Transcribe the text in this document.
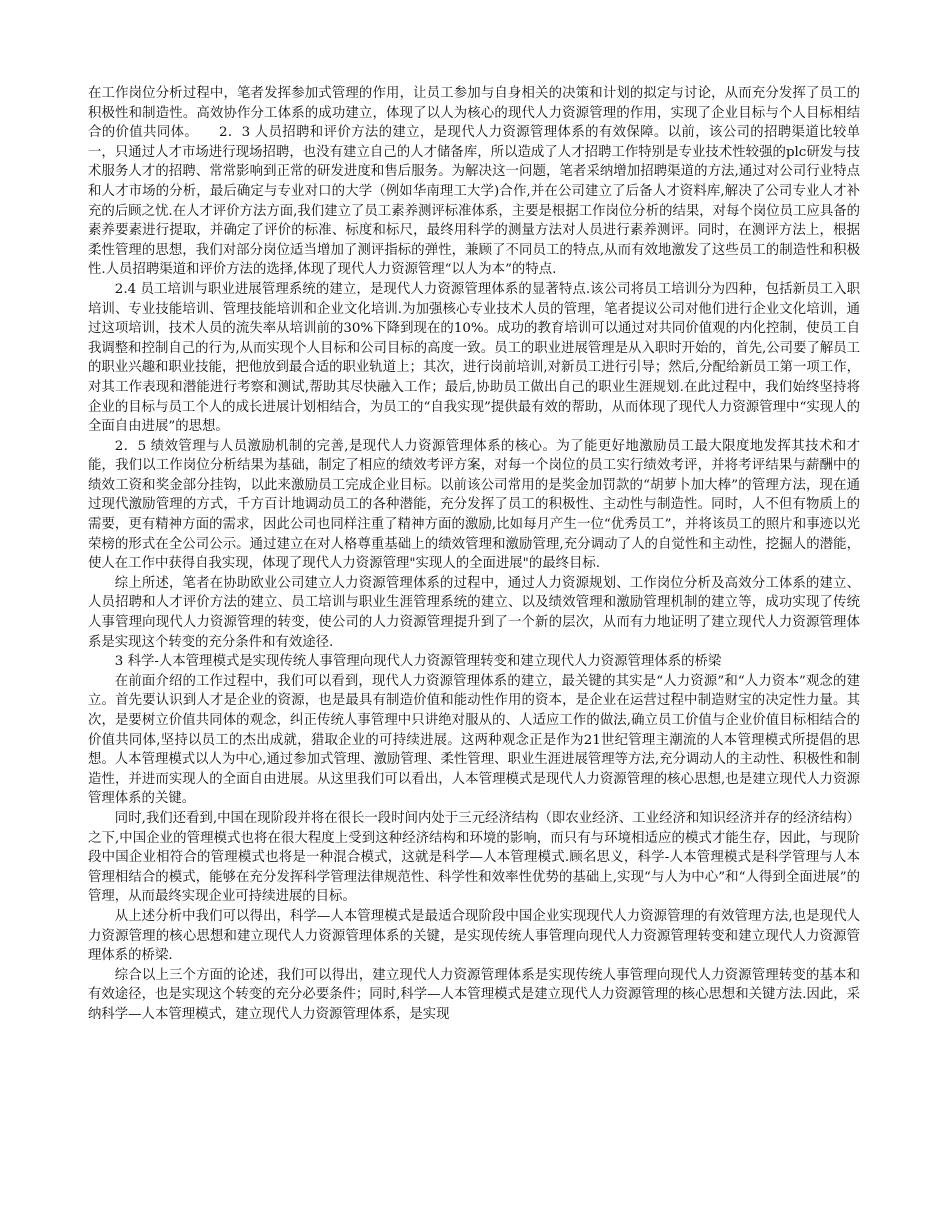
在工作岗位分析过程中，笔者发挥参加式管理的作用，让员工参加与自身相关的决策和计划的拟定与讨论，从而充分发挥了员工的积极性和制造性。高效协作分工体系的成功建立，体现了以人为核心的现代人力资源管理的作用，实现了企业目标与个人目标相结合的价值共同体。　　2．3 人员招聘和评价方法的建立，是现代人力资源管理体系的有效保障。以前，该公司的招聘渠道比较单一，只通过人才市场进行现场招聘，也没有建立自己的人才储备库，所以造成了人才招聘工作特别是专业技术性较强的plc研发与技术服务人才的招聘、常常影响到正常的研发进度和售后服务。为解决这一问题，笔者采纳增加招聘渠道的方法,通过对公司行业特点和人才市场的分析，最后确定与专业对口的大学（例如华南理工大学)合作,并在公司建立了后备人才资料库,解决了公司专业人才补充的后顾之忧.在人才评价方法方面,我们建立了员工素养测评标准体系，主要是根据工作岗位分析的结果，对每个岗位员工应具备的素养要素进行提取，并确定了评价的标准、标度和标尺，最终用科学的测量方法对人员进行素养测评。同时，在测评方法上，根据柔性管理的思想，我们对部分岗位适当增加了测评指标的弹性，兼顾了不同员工的特点,从而有效地激发了这些员工的制造性和积极性.人员招聘渠道和评价方法的选择,体现了现代人力资源管理“以人为本”的特点.

2.4 员工培训与职业进展管理系统的建立，是现代人力资源管理体系的显著特点.该公司将员工培训分为四种，包括新员工入职培训、专业技能培训、管理技能培训和企业文化培训.为加强核心专业技术人员的管理，笔者提议公司对他们进行企业文化培训，通过这项培训，技术人员的流失率从培训前的30%下降到现在的10%。成功的教育培训可以通过对共同价值观的内化控制，使员工自我调整和控制自己的行为,从而实现个人目标和公司目标的高度一致。员工的职业进展管理是从入职时开始的，首先,公司要了解员工的职业兴趣和职业技能，把他放到最合适的职业轨道上；其次，进行岗前培训,对新员工进行引导；然后,分配给新员工第一项工作，对其工作表现和潜能进行考察和测试,帮助其尽快融入工作；最后,协助员工做出自己的职业生涯规划.在此过程中，我们始终坚持将企业的目标与员工个人的成长进展计划相结合，为员工的“自我实现”提供最有效的帮助，从而体现了现代人力资源管理中“实现人的全面自由进展”的思想。

2．5 绩效管理与人员激励机制的完善,是现代人力资源管理体系的核心。为了能更好地激励员工最大限度地发挥其技术和才能，我们以工作岗位分析结果为基础，制定了相应的绩效考评方案，对每一个岗位的员工实行绩效考评，并将考评结果与薪酬中的绩效工资和奖金部分挂钩，以此来激励员工完成企业目标。以前该公司常用的是奖金加罚款的“胡萝卜加大棒”的管理方法，现在通过现代激励管理的方式，千方百计地调动员工的各种潜能，充分发挥了员工的积极性、主动性与制造性。同时，人不但有物质上的需要，更有精神方面的需求，因此公司也同样注重了精神方面的激励,比如每月产生一位“优秀员工”，并将该员工的照片和事迹以光荣榜的形式在全公司公示。通过建立在对人格尊重基础上的绩效管理和激励管理,充分调动了人的自觉性和主动性，挖掘人的潜能，使人在工作中获得自我实现，体现了现代人力资源管理"实现人的全面进展"的最终目标.

综上所述，笔者在协助欧业公司建立人力资源管理体系的过程中，通过人力资源规划、工作岗位分析及高效分工体系的建立、人员招聘和人才评价方法的建立、员工培训与职业生涯管理系统的建立、以及绩效管理和激励管理机制的建立等，成功实现了传统人事管理向现代人力资源管理的转变，使公司的人力资源管理提升到了一个新的层次，从而有力地证明了建立现代人力资源管理体系是实现这个转变的充分条件和有效途径.

3 科学-人本管理模式是实现传统人事管理向现代人力资源管理转变和建立现代人力资源管理体系的桥梁

在前面介绍的工作过程中，我们可以看到，现代人力资源管理体系的建立，最关键的其实是“人力资源”和“人力资本”观念的建立。首先要认识到人才是企业的资源，也是最具有制造价值和能动性作用的资本，是企业在运营过程中制造财宝的决定性力量。其次，是要树立价值共同体的观念，纠正传统人事管理中只讲绝对服从的、人适应工作的做法,确立员工价值与企业价值目标相结合的价值共同体,坚持以员工的杰出成就，猎取企业的可持续进展。这两种观念正是作为21世纪管理主潮流的人本管理模式所提倡的思想。人本管理模式以人为中心,通过参加式管理、激励管理、柔性管理、职业生涯进展管理等方法,充分调动人的主动性、积极性和制造性，并进而实现人的全面自由进展。从这里我们可以看出，人本管理模式是现代人力资源管理的核心思想,也是建立现代人力资源管理体系的关键。

同时,我们还看到,中国在现阶段并将在很长一段时间内处于三元经济结构（即农业经济、工业经济和知识经济并存的经济结构）之下,中国企业的管理模式也将在很大程度上受到这种经济结构和环境的影响，而只有与环境相适应的模式才能生存，因此，与现阶段中国企业相符合的管理模式也将是一种混合模式，这就是科学—人本管理模式.顾名思义，科学-人本管理模式是科学管理与人本管理相结合的模式，能够在充分发挥科学管理法律规范性、科学性和效率性优势的基础上,实现“与人为中心”和“人得到全面进展”的管理，从而最终实现企业可持续进展的目标。

从上述分析中我们可以得出，科学—人本管理模式是最适合现阶段中国企业实现现代人力资源管理的有效管理方法,也是现代人力资源管理的核心思想和建立现代人力资源管理体系的关键，是实现传统人事管理向现代人力资源管理转变和建立现代人力资源管理体系的桥梁.

综合以上三个方面的论述，我们可以得出，建立现代人力资源管理体系是实现传统人事管理向现代人力资源管理转变的基本和有效途径，也是实现这个转变的充分必要条件；同时,科学—人本管理模式是建立现代人力资源管理的核心思想和关键方法.因此，采纳科学—人本管理模式，建立现代人力资源管理体系，是实现
